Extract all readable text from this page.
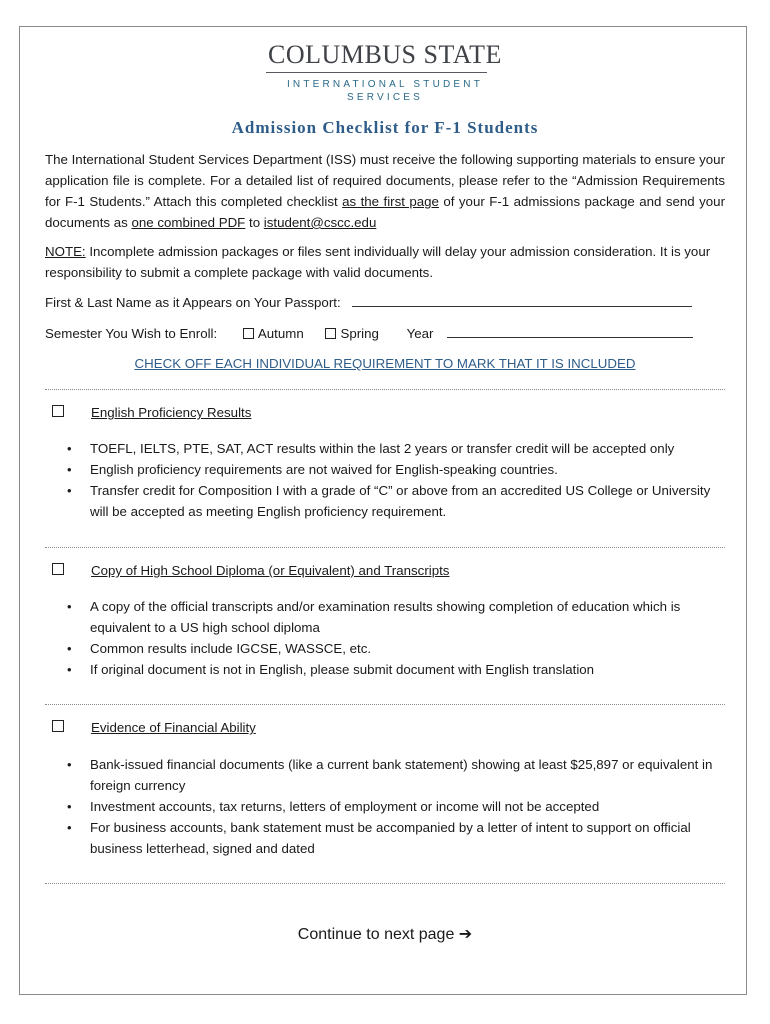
COLUMBUS STATE
INTERNATIONAL STUDENT
SERVICES
Admission Checklist for F-1 Students
The International Student Services Department (ISS) must receive the following supporting materials to ensure your application file is complete. For a detailed list of required documents, please refer to the “Admission Requirements for F-1 Students.” Attach this completed checklist as the first page of your F-1 admissions package and send your documents as one combined PDF to istudent@cscc.edu
NOTE: Incomplete admission packages or files sent individually will delay your admission consideration. It is your responsibility to submit a complete package with valid documents.
First & Last Name as it Appears on Your Passport:
Semester You Wish to Enroll:	Autumn	Spring Year
CHECK OFF EACH INDIVIDUAL REQUIREMENT TO MARK THAT IT IS INCLUDED
English Proficiency Results
• TOEFL, IELTS, PTE, SAT, ACT results within the last 2 years or transfer credit will be accepted only
• English proficiency requirements are not waived for English-speaking countries.
• Transfer credit for Composition I with a grade of “C” or above from an accredited US College or University will be accepted as meeting English proficiency requirement.
Copy of High School Diploma (or Equivalent) and Transcripts
• A copy of the official transcripts and/or examination results showing completion of education which is equivalent to a US high school diploma
• Common results include IGCSE, WASSCE, etc.
• If original document is not in English, please submit document with English translation
Evidence of Financial Ability
• Bank-issued financial documents (like a current bank statement) showing at least $25,897 or equivalent in foreign currency
• Investment accounts, tax returns, letters of employment or income will not be accepted
• For business accounts, bank statement must be accompanied by a letter of intent to support on official business letterhead, signed and dated
Continue to next page ➔
